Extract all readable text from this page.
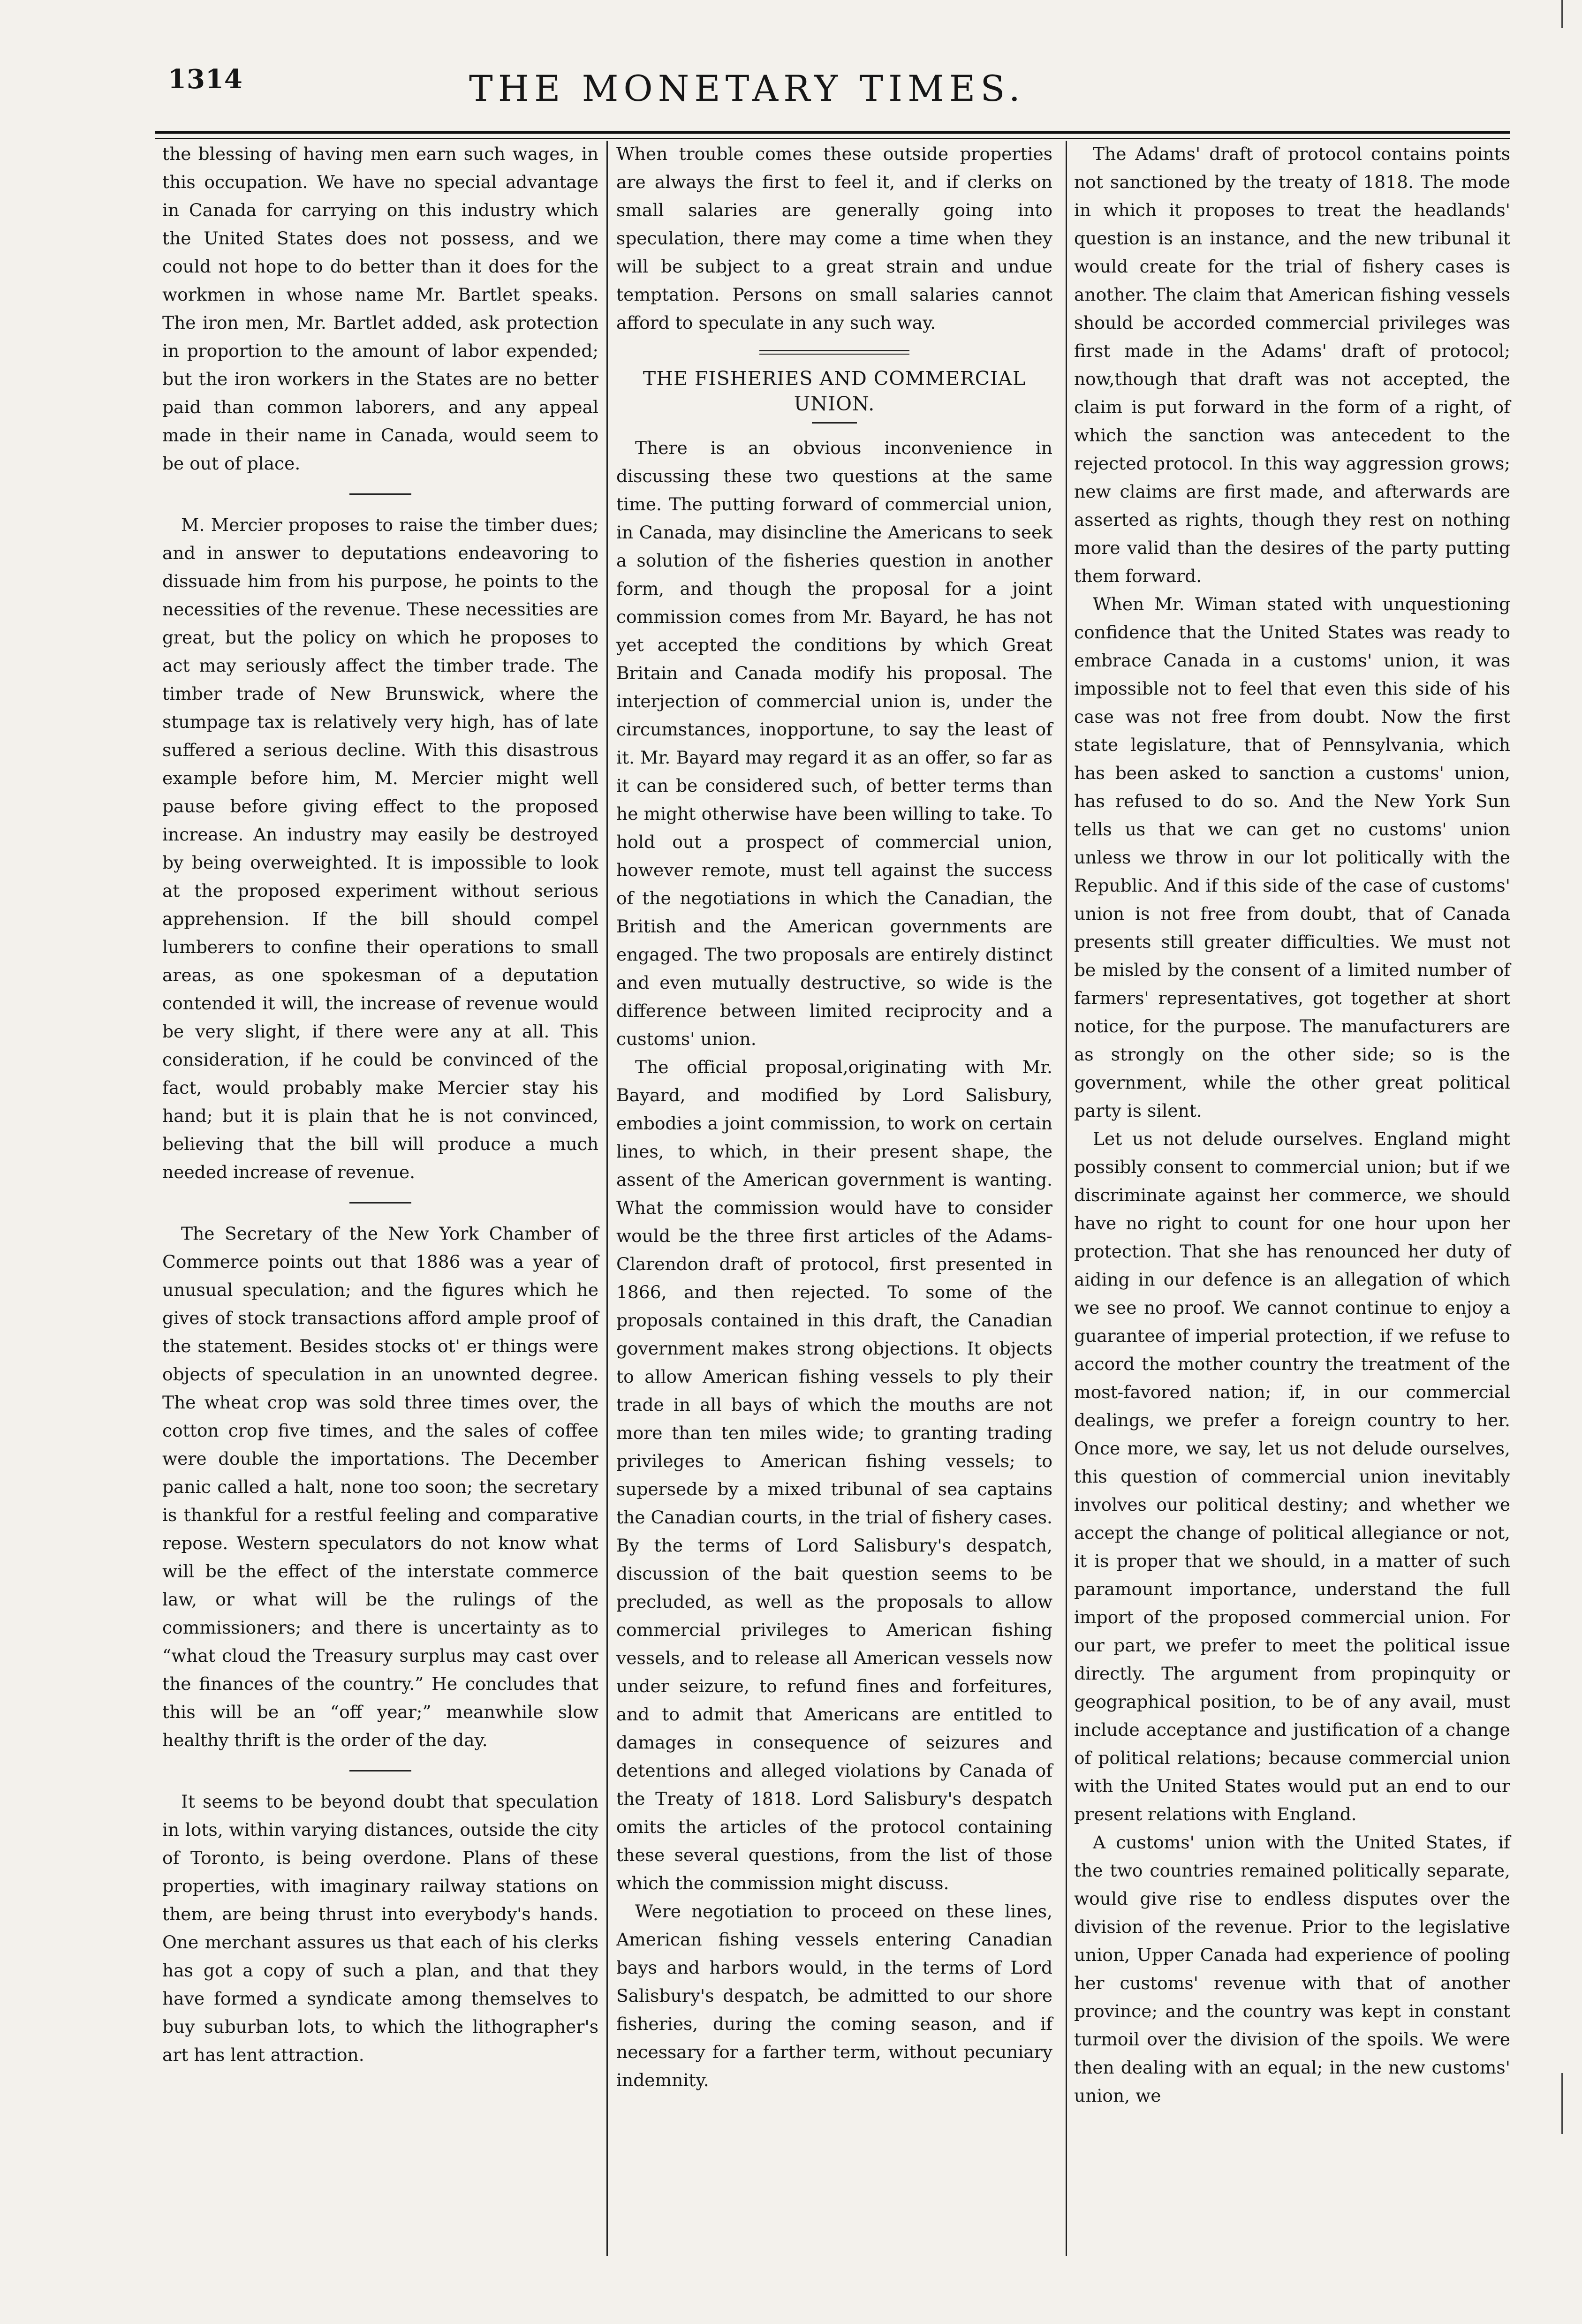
1314	THE MONETARY TIMES.

the blessing of having men earn such wages, in this occupation. We have no special advantage in Canada for carrying on this industry which the United States does not possess, and we could not hope to do better than it does for the workmen in whose name Mr. Bartlet speaks. The iron men, Mr. Bartlet added, ask protection in proportion to the amount of labor expended; but the iron workers in the States are no better paid than common laborers, and any appeal made in their name in Canada, would seem to be out of place.

M. Mercier proposes to raise the timber dues; and in answer to deputations endeavoring to dissuade him from his purpose, he points to the necessities of the revenue. These necessities are great, but the policy on which he proposes to act may seriously affect the timber trade. The timber trade of New Brunswick, where the stumpage tax is relatively very high, has of late suffered a serious decline. With this disastrous example before him, M. Mercier might well pause before giving effect to the proposed increase. An industry may easily be destroyed by being overweighted. It is impossible to look at the proposed experiment without serious apprehension. If the bill should compel lumberers to confine their operations to small areas, as one spokesman of a deputation contended it will, the increase of revenue would be very slight, if there were any at all. This consideration, if he could be convinced of the fact, would probably make Mercier stay his hand; but it is plain that he is not convinced, believing that the bill will produce a much needed increase of revenue.

The Secretary of the New York Chamber of Commerce points out that 1886 was a year of unusual speculation; and the figures which he gives of stock transactions afford ample proof of the statement. Besides stocks ot' er things were objects of speculation in an unownted degree. The wheat crop was sold three times over, the cotton crop five times, and the sales of coffee were double the importations. The December panic called a halt, none too soon; the secretary is thankful for a restful feeling and comparative repose. Western speculators do not know what will be the effect of the interstate commerce law, or what will be the rulings of the commissioners; and there is uncertainty as to “what cloud the Treasury surplus may cast over the finances of the country.” He concludes that this will be an “off year;” meanwhile slow healthy thrift is the order of the day.

It seems to be beyond doubt that speculation in lots, within varying distances, outside the city of Toronto, is being overdone. Plans of these properties, with imaginary railway stations on them, are being thrust into everybody's hands. One merchant assures us that each of his clerks has got a copy of such a plan, and that they have formed a syndicate among themselves to buy suburban lots, to which the lithographer's art has lent attraction.

When trouble comes these outside properties are always the first to feel it, and if clerks on small salaries are generally going into speculation, there may come a time when they will be subject to a great strain and undue temptation. Persons on small salaries cannot afford to speculate in any such way.

THE FISHERIES AND COMMERCIAL UNION.

There is an obvious inconvenience in discussing these two questions at the same time. The putting forward of commercial union, in Canada, may disincline the Americans to seek a solution of the fisheries question in another form, and though the proposal for a joint commission comes from Mr. Bayard, he has not yet accepted the conditions by which Great Britain and Canada modify his proposal. The interjection of commercial union is, under the circumstances, inopportune, to say the least of it. Mr. Bayard may regard it as an offer, so far as it can be considered such, of better terms than he might otherwise have been willing to take. To hold out a prospect of commercial union, however remote, must tell against the success of the negotiations in which the Canadian, the British and the American governments are engaged. The two proposals are entirely distinct and even mutually destructive, so wide is the difference between limited reciprocity and a customs' union.

The official proposal,originating with Mr. Bayard, and modified by Lord Salisbury, embodies a joint commission, to work on certain lines, to which, in their present shape, the assent of the American government is wanting. What the commission would have to consider would be the three first articles of the Adams-Clarendon draft of protocol, first presented in 1866, and then rejected. To some of the proposals contained in this draft, the Canadian government makes strong objections. It objects to allow American fishing vessels to ply their trade in all bays of which the mouths are not more than ten miles wide; to granting trading privileges to American fishing vessels; to supersede by a mixed tribunal of sea captains the Canadian courts, in the trial of fishery cases. By the terms of Lord Salisbury's despatch, discussion of the bait question seems to be precluded, as well as the proposals to allow commercial privileges to American fishing vessels, and to release all American vessels now under seizure, to refund fines and forfeitures, and to admit that Americans are entitled to damages in consequence of seizures and detentions and alleged violations by Canada of the Treaty of 1818. Lord Salisbury's despatch omits the articles of the protocol containing these several questions, from the list of those which the commission might discuss.

Were negotiation to proceed on these lines, American fishing vessels entering Canadian bays and harbors would, in the terms of Lord Salisbury's despatch, be admitted to our shore fisheries, during the coming season, and if necessary for a farther term, without pecuniary indemnity.

The Adams' draft of protocol contains points not sanctioned by the treaty of 1818. The mode in which it proposes to treat the headlands' question is an instance, and the new tribunal it would create for the trial of fishery cases is another. The claim that American fishing vessels should be accorded commercial privileges was first made in the Adams' draft of protocol; now,though that draft was not accepted, the claim is put forward in the form of a right, of which the sanction was antecedent to the rejected protocol. In this way aggression grows; new claims are first made, and afterwards are asserted as rights, though they rest on nothing more valid than the desires of the party putting them forward.

When Mr. Wiman stated with unquestioning confidence that the United States was ready to embrace Canada in a customs' union, it was impossible not to feel that even this side of his case was not free from doubt. Now the first state legislature, that of Pennsylvania, which has been asked to sanction a customs' union, has refused to do so. And the New York Sun tells us that we can get no customs' union unless we throw in our lot politically with the Republic. And if this side of the case of customs' union is not free from doubt, that of Canada presents still greater difficulties. We must not be misled by the consent of a limited number of farmers' representatives, got together at short notice, for the purpose. The manufacturers are as strongly on the other side; so is the government, while the other great political party is silent.

Let us not delude ourselves. England might possibly consent to commercial union; but if we discriminate against her commerce, we should have no right to count for one hour upon her protection. That she has renounced her duty of aiding in our defence is an allegation of which we see no proof. We cannot continue to enjoy a guarantee of imperial protection, if we refuse to accord the mother country the treatment of the most-favored nation; if, in our commercial dealings, we prefer a foreign country to her. Once more, we say, let us not delude ourselves, this question of commercial union inevitably involves our political destiny; and whether we accept the change of political allegiance or not, it is proper that we should, in a matter of such paramount importance, understand the full import of the proposed commercial union. For our part, we prefer to meet the political issue directly. The argument from propinquity or geographical position, to be of any avail, must include acceptance and justification of a change of political relations; because commercial union with the United States would put an end to our present relations with England.

A customs' union with the United States, if the two countries remained politically separate, would give rise to endless disputes over the division of the revenue. Prior to the legislative union, Upper Canada had experience of pooling her customs' revenue with that of another province; and the country was kept in constant turmoil over the division of the spoils. We were then dealing with an equal; in the new customs' union, we
